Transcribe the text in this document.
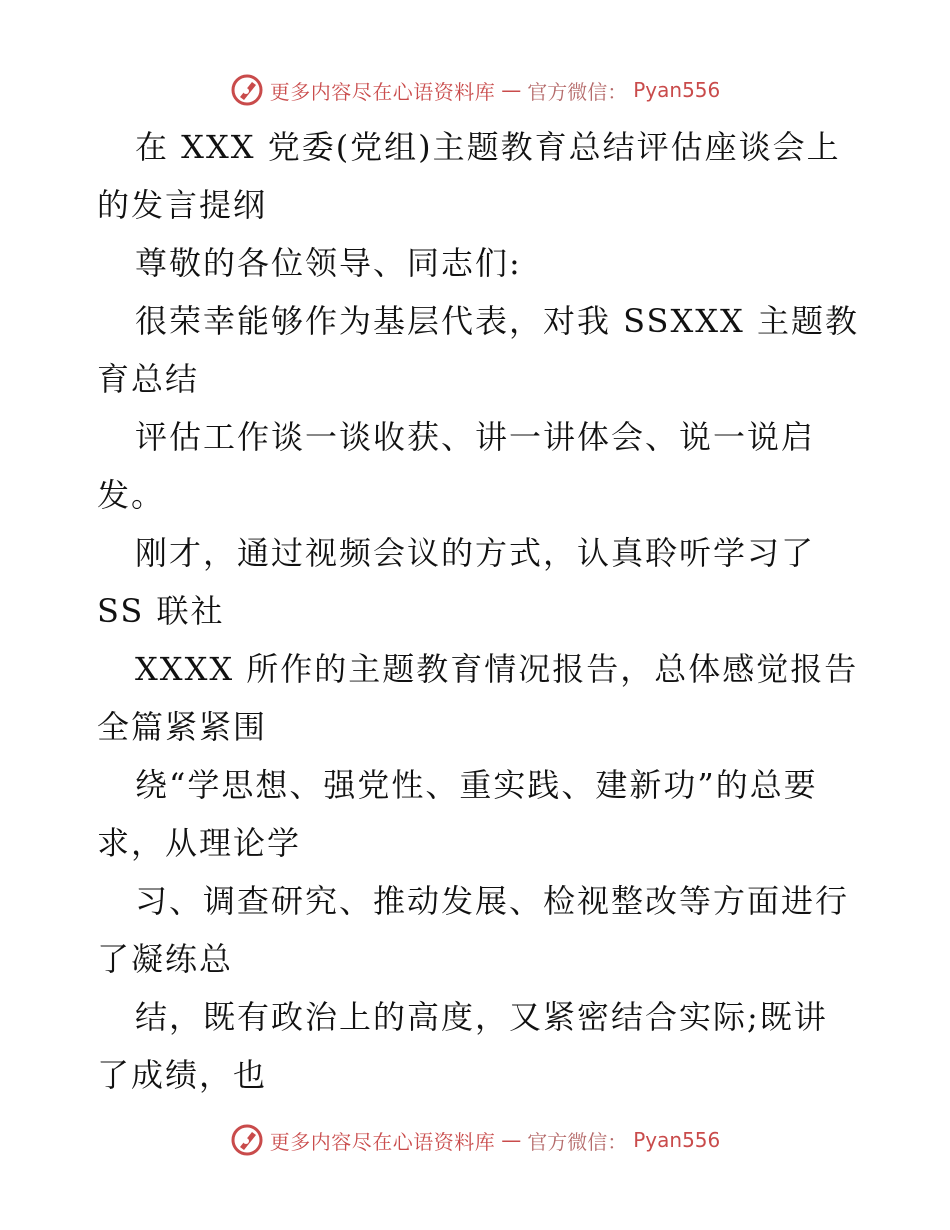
更多内容尽在心语资料库 — 官方微信： Pyan556
在 XXX 党委(党组)主题教育总结评估座谈会上
的发言提纲
尊敬的各位领导、同志们:
很荣幸能够作为基层代表，对我 SSXXX 主题教
育总结
评估工作谈一谈收获、讲一讲体会、说一说启
发。
刚才，通过视频会议的方式，认真聆听学习了
SS 联社
XXXX 所作的主题教育情况报告，总体感觉报告
全篇紧紧围
绕“学思想、强党性、重实践、建新功”的总要
求，从理论学
习、调查研究、推动发展、检视整改等方面进行
了凝练总
结，既有政治上的高度，又紧密结合实际;既讲
了成绩，也
更多内容尽在心语资料库 — 官方微信： Pyan556
